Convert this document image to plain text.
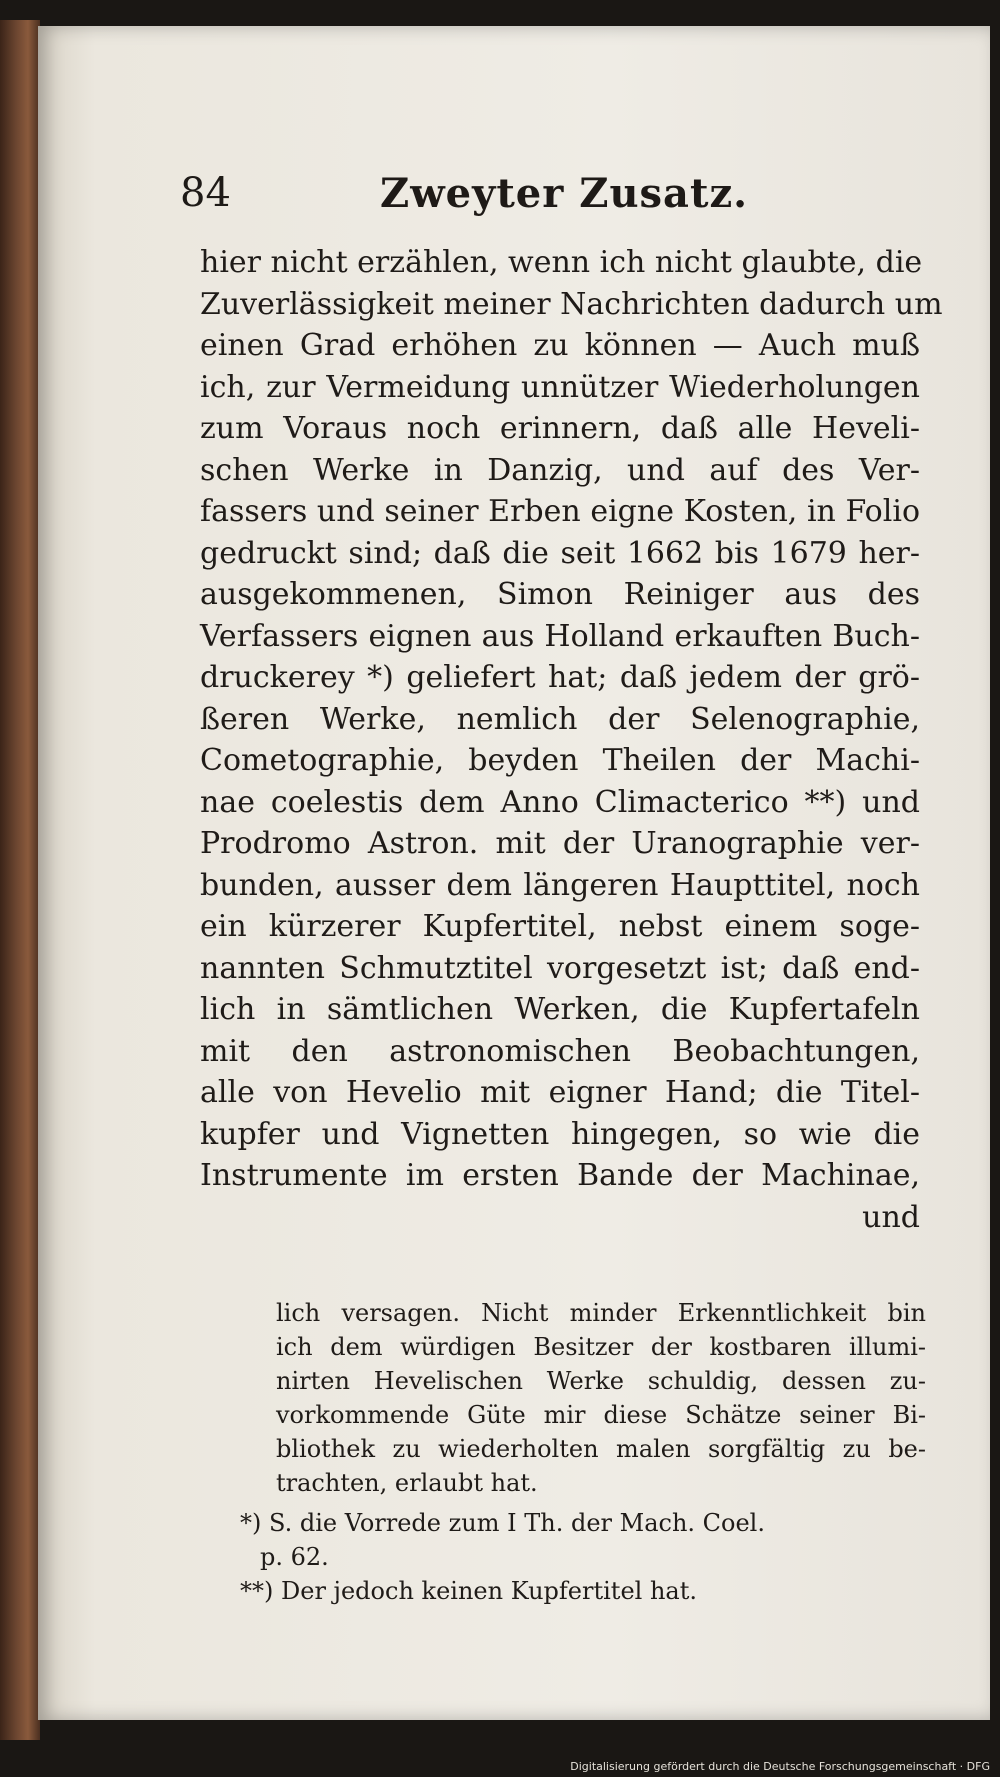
84	Zweyter Zusatz.
hier nicht erzählen, wenn ich nicht glaubte, die
Zuverlässigkeit meiner Nachrichten dadurch um
einen Grad erhöhen zu können — Auch muß
ich, zur Vermeidung unnützer Wiederholungen
zum Voraus noch erinnern, daß alle Heveli-
schen Werke in Danzig, und auf des Ver-
fassers und seiner Erben eigne Kosten, in Folio
gedruckt sind; daß die seit 1662 bis 1679 her-
ausgekommenen, Simon Reiniger aus des
Verfassers eignen aus Holland erkauften Buch-
druckerey *) geliefert hat; daß jedem der grö-
ßeren Werke, nemlich der Selenographie,
Cometographie, beyden Theilen der Machi-
nae coelestis dem Anno Climacterico **) und
Prodromo Astron. mit der Uranographie ver-
bunden, ausser dem längeren Haupttitel, noch
ein kürzerer Kupfertitel, nebst einem soge-
nannten Schmutztitel vorgesetzt ist; daß end-
lich in sämtlichen Werken, die Kupfertafeln
mit den astronomischen Beobachtungen,
alle von Hevelio mit eigner Hand; die Titel-
kupfer und Vignetten hingegen, so wie die
Instrumente im ersten Bande der Machinae,
und
lich versagen. Nicht minder Erkenntlichkeit bin
ich dem würdigen Besitzer der kostbaren illumi-
nirten Hevelischen Werke schuldig, dessen zu-
vorkommende Güte mir diese Schätze seiner Bi-
bliothek zu wiederholten malen sorgfältig zu be-
trachten, erlaubt hat.
*) S. die Vorrede zum I Th. der Mach. Coel.
p. 62.
**) Der jedoch keinen Kupfertitel hat.
Digitalisierung gefördert durch die Deutsche Forschungsgemeinschaft · DFG
